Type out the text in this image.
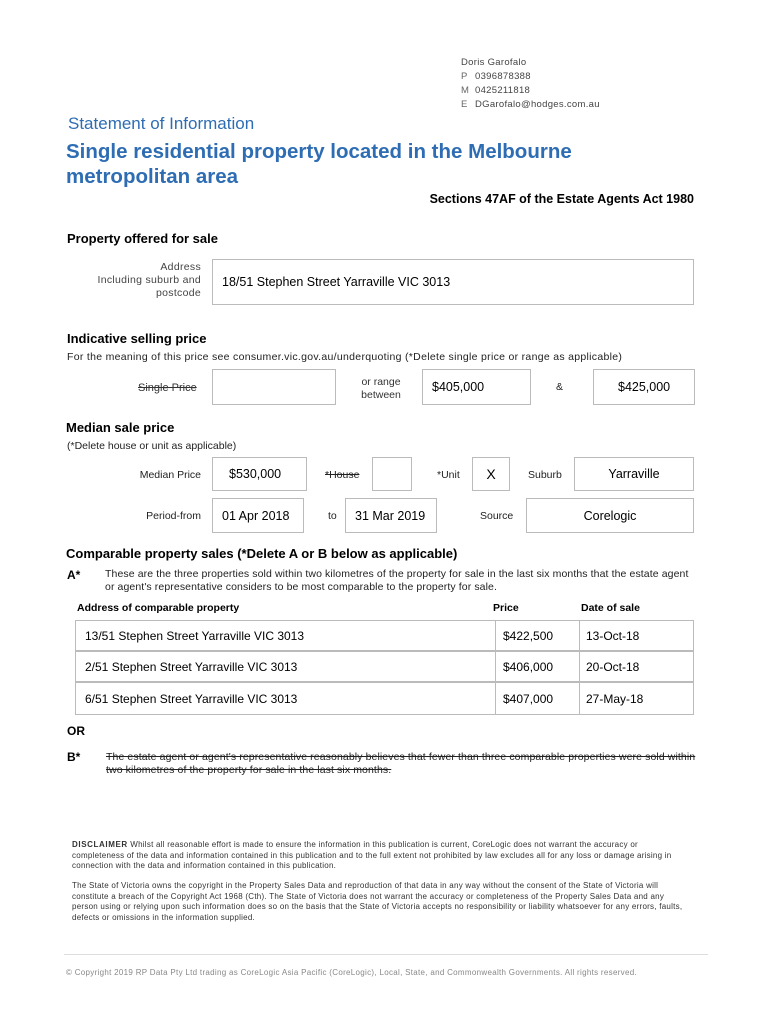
Doris Garofalo
P 0396878388
M 0425211818
E DGarofalo@hodges.com.au
Statement of Information
Single residential property located in the Melbourne metropolitan area
Sections 47AF of the Estate Agents Act 1980
Property offered for sale
Address
Including suburb and
postcode
18/51 Stephen Street Yarraville VIC 3013
Indicative selling price
For the meaning of this price see consumer.vic.gov.au/underquoting (*Delete single price or range as applicable)
Single Price	or range
between
$405,000	&	$425,000
Median sale price
(*Delete house or unit as applicable)
Median Price	$530,000	*House	*Unit	X	Suburb	Yarraville
Period-from	01 Apr 2018	to	31 Mar 2019	Source	Corelogic
Comparable property sales (*Delete A or B below as applicable)
A* These are the three properties sold within two kilometres of the property for sale in the last six months that the estate agent or agent's representative considers to be most comparable to the property for sale.
Address of comparable property	Price	Date of sale
13/51 Stephen Street Yarraville VIC 3013	$422,500	13-Oct-18
2/51 Stephen Street Yarraville VIC 3013	$406,000	20-Oct-18
6/51 Stephen Street Yarraville VIC 3013	$407,000	27-May-18
OR
B* The estate agent or agent's representative reasonably believes that fewer than three comparable properties were sold within two kilometres of the property for sale in the last six months.
DISCLAIMER Whilst all reasonable effort is made to ensure the information in this publication is current, CoreLogic does not warrant the accuracy or completeness of the data and information contained in this publication and to the full extent not prohibited by law excludes all for any loss or damage arising in connection with the data and information contained in this publication.
The State of Victoria owns the copyright in the Property Sales Data and reproduction of that data in any way without the consent of the State of Victoria will constitute a breach of the Copyright Act 1968 (Cth). The State of Victoria does not warrant the accuracy or completeness of the Property Sales Data and any person using or relying upon such information does so on the basis that the State of Victoria accepts no responsibility or liability whatsoever for any errors, faults, defects or omissions in the information supplied.
© Copyright 2019 RP Data Pty Ltd trading as CoreLogic Asia Pacific (CoreLogic), Local, State, and Commonwealth Governments. All rights reserved.
